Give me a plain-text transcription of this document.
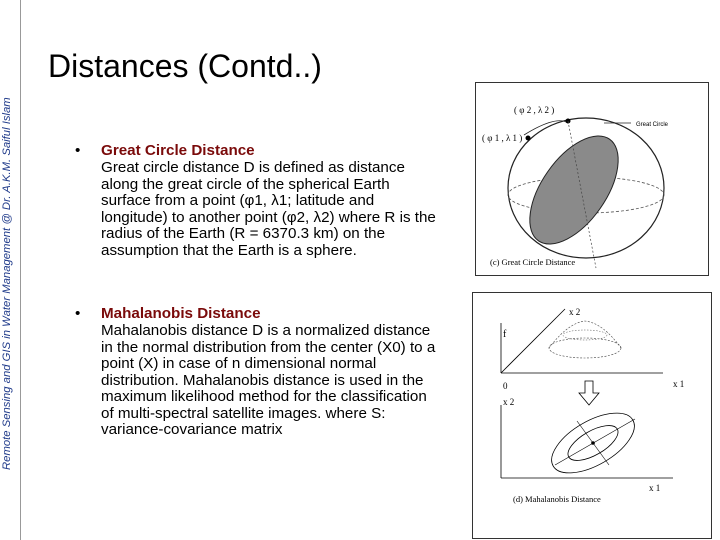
Remote Sensing and GIS in Water Management @ Dr. A.K.M. Saiful Islam
Distances (Contd..)
• Great Circle Distance
Great circle distance D is defined as distance along the great circle of the spherical Earth surface from a point (φ1, λ1; latitude and longitude) to another point (φ2, λ2) where R is the radius of the Earth (R = 6370.3 km) on the assumption that the Earth is a sphere.
• Mahalanobis Distance
Mahalanobis distance D is a normalized distance in the normal distribution from the center (X0) to a point (X) in case of n dimensional normal distribution. Mahalanobis distance is used in the maximum likelihood method for the classification of multi-spectral satellite images. where S: variance-covariance matrix
( φ 2 , λ 2 )
( φ 1 , λ 1 )
Great Circle
(c) Great Circle Distance
x 2
f
0	x 1
x 2
x 1
(d) Mahalanobis Distance
